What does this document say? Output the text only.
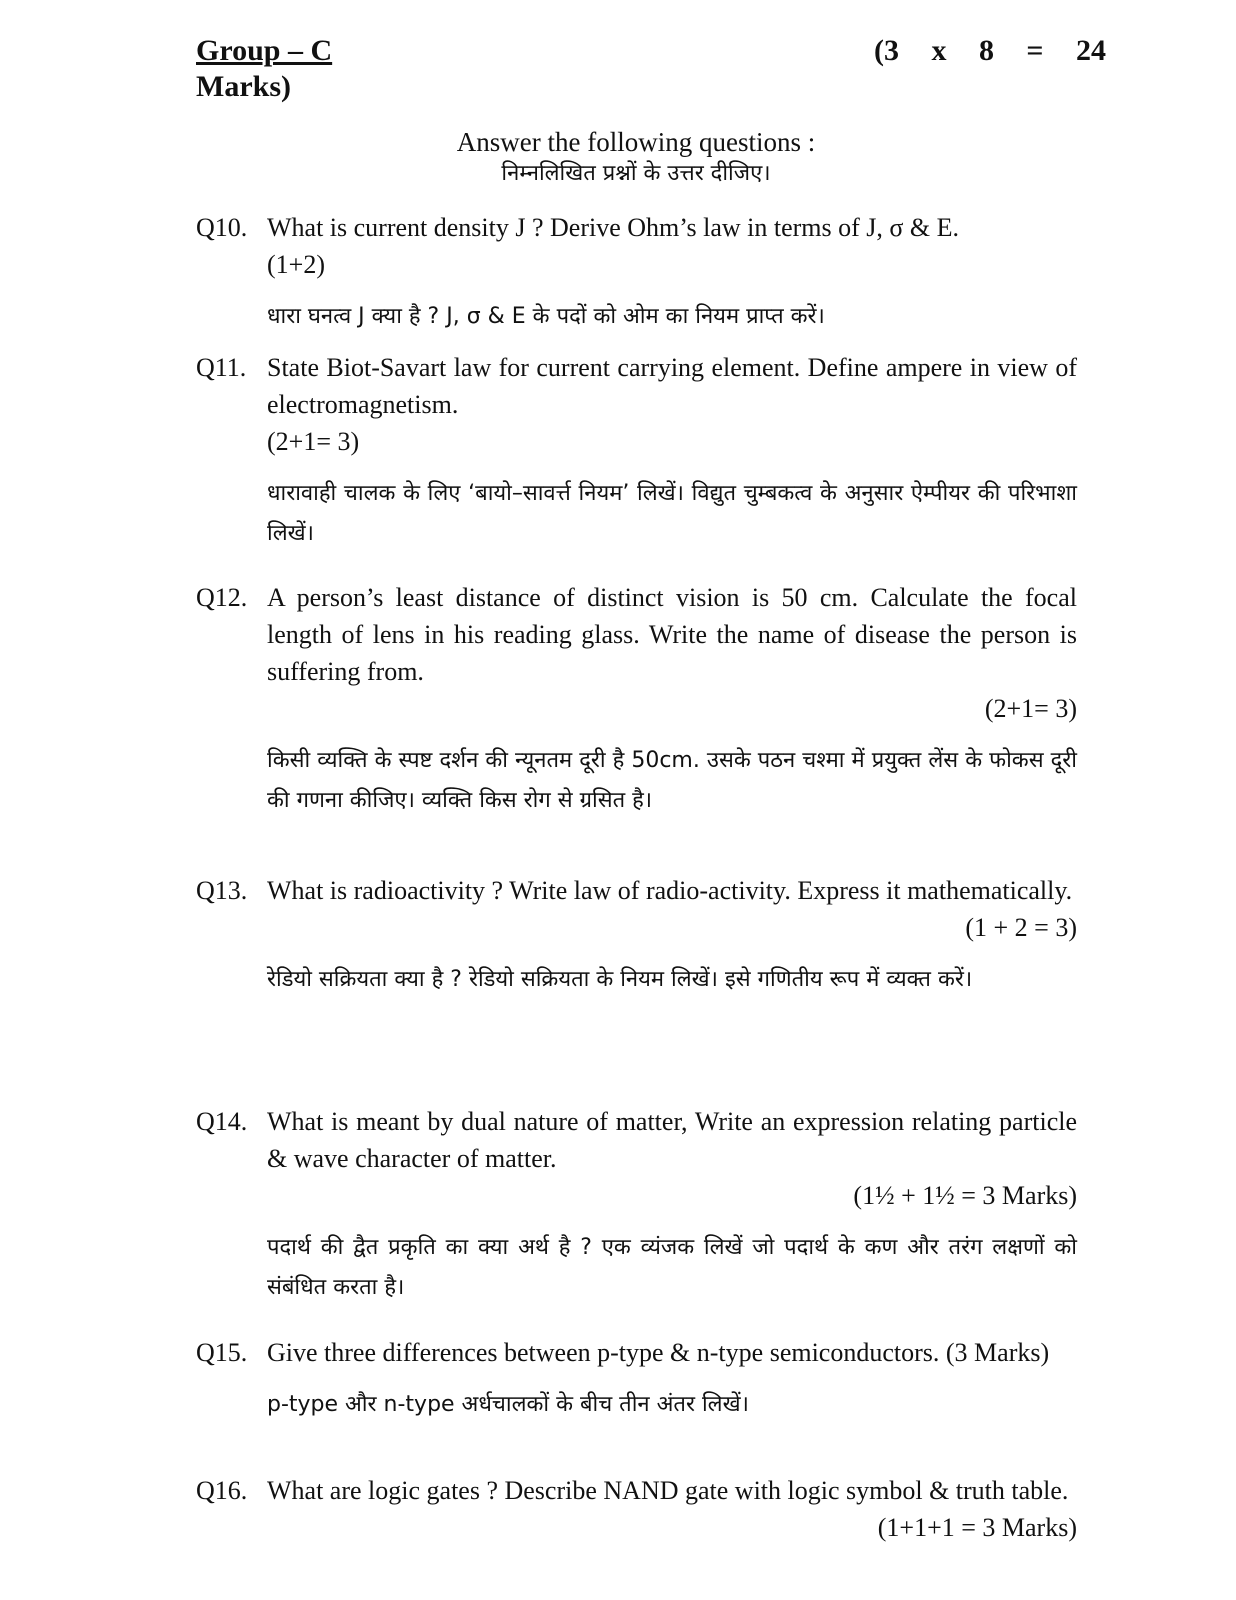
Group – C	(3 x 8 = 24
Marks)
Answer the following questions :
निम्नलिखित प्रश्नों के उत्तर दीजिए।
Q10. What is current density J ? Derive Ohm’s law in terms of J, σ & E.
(1+2)
धारा घनत्व J क्या है ? J, σ & E के पदों को ओम का नियम प्राप्त करें।
Q11. State Biot-Savart law for current carrying element. Define ampere in view of electromagnetism.
(2+1= 3)
धारावाही चालक के लिए ‘बायो–सावर्त्त नियम’ लिखें। विद्युत चुम्बकत्व के अनुसार ऐम्पीयर की परिभाशा लिखें।
Q12. A person’s least distance of distinct vision is 50 cm. Calculate the focal length of lens in his reading glass. Write the name of disease the person is suffering from.
(2+1= 3)
किसी व्यक्ति के स्पष्ट दर्शन की न्यूनतम दूरी है 50cm. उसके पठन चश्मा में प्रयुक्त लेंस के फोकस दूरी की गणना कीजिए। व्यक्ति किस रोग से ग्रसित है।
Q13. What is radioactivity ? Write law of radio-activity. Express it mathematically.
(1 + 2 = 3)
रेडियो सक्रियता क्या है ? रेडियो सक्रियता के नियम लिखें। इसे गणितीय रूप में व्यक्त करें।
Q14. What is meant by dual nature of matter, Write an expression relating particle & wave character of matter.
(1½ + 1½ = 3 Marks)
पदार्थ की द्वैत प्रकृति का क्या अर्थ है ? एक व्यंजक लिखें जो पदार्थ के कण और तरंग लक्षणों को संबंधित करता है।
Q15. Give three differences between p-type & n-type semiconductors. (3 Marks)
p-type और n-type अर्धचालकों के बीच तीन अंतर लिखें।
Q16. What are logic gates ? Describe NAND gate with logic symbol & truth table.
(1+1+1 = 3 Marks)
